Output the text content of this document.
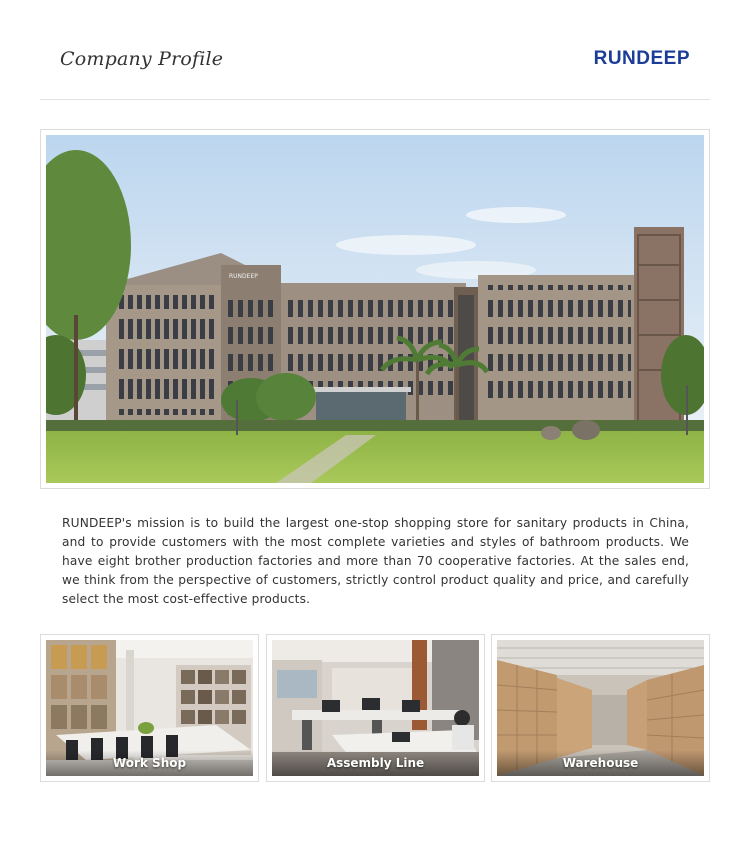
Company Profile	RUNDEEP
RUNDEEP
RUNDEEP's mission is to build the largest one-stop shopping store for sanitary products in China, and to provide customers with the most complete varieties and styles of bathroom products. We have eight brother production factories and more than 70 cooperative factories. At the sales end, we think from the perspective of customers, strictly control product quality and price, and carefully select the most cost-effective products.
Work Shop	Assembly Line	Warehouse
